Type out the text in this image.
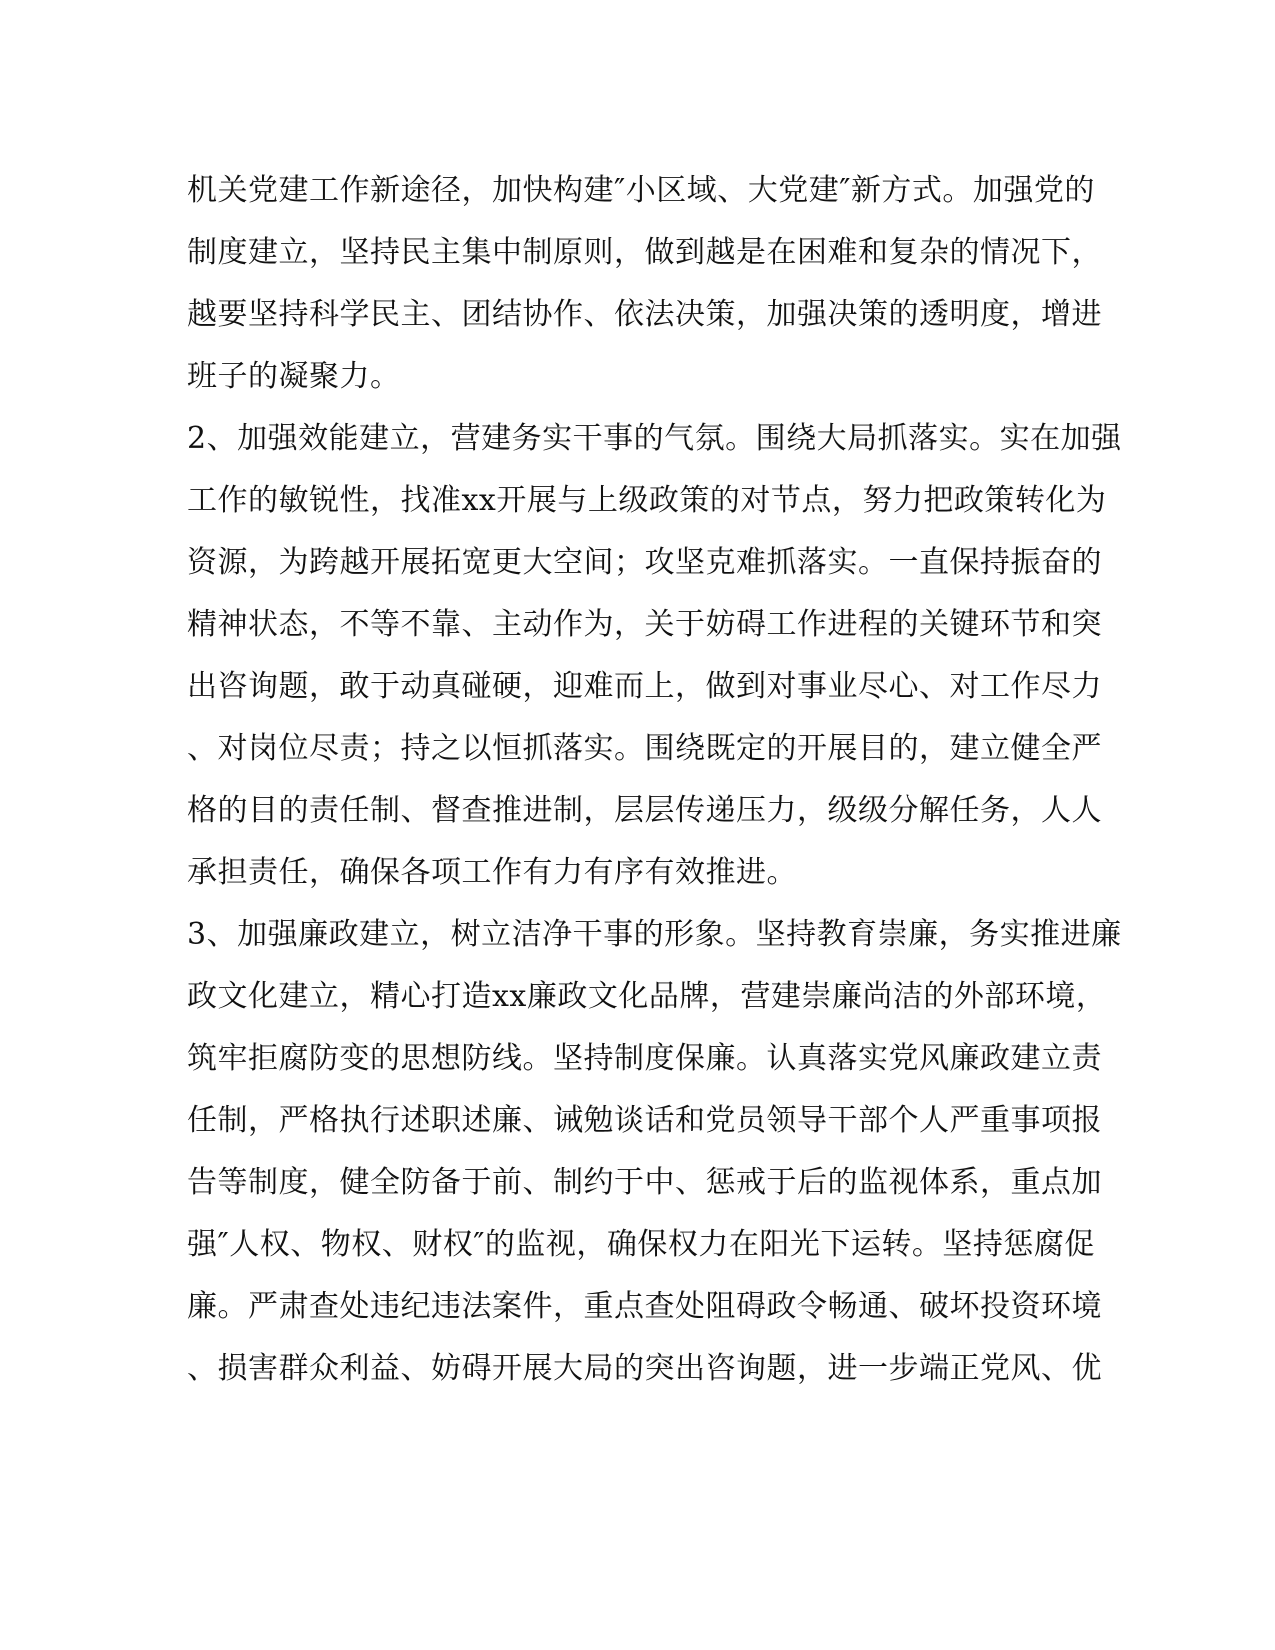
机关党建工作新途径，加快构建″小区域、大党建″新方式。加强党的
制度建立，坚持民主集中制原则，做到越是在困难和复杂的情况下，
越要坚持科学民主、团结协作、依法决策，加强决策的透明度，增进
班子的凝聚力。
2、加强效能建立，营建务实干事的气氛。围绕大局抓落实。实在加强
工作的敏锐性，找准xx开展与上级政策的对节点，努力把政策转化为
资源，为跨越开展拓宽更大空间；攻坚克难抓落实。一直保持振奋的
精神状态，不等不靠、主动作为，关于妨碍工作进程的关键环节和突
出咨询题，敢于动真碰硬，迎难而上，做到对事业尽心、对工作尽力
、对岗位尽责；持之以恒抓落实。围绕既定的开展目的，建立健全严
格的目的责任制、督查推进制，层层传递压力，级级分解任务，人人
承担责任，确保各项工作有力有序有效推进。
3、加强廉政建立，树立洁净干事的形象。坚持教育崇廉，务实推进廉
政文化建立，精心打造xx廉政文化品牌，营建崇廉尚洁的外部环境，
筑牢拒腐防变的思想防线。坚持制度保廉。认真落实党风廉政建立责
任制，严格执行述职述廉、诫勉谈话和党员领导干部个人严重事项报
告等制度，健全防备于前、制约于中、惩戒于后的监视体系，重点加
强″人权、物权、财权″的监视，确保权力在阳光下运转。坚持惩腐促
廉。严肃查处违纪违法案件，重点查处阻碍政令畅通、破坏投资环境
、损害群众利益、妨碍开展大局的突出咨询题，进一步端正党风、优
